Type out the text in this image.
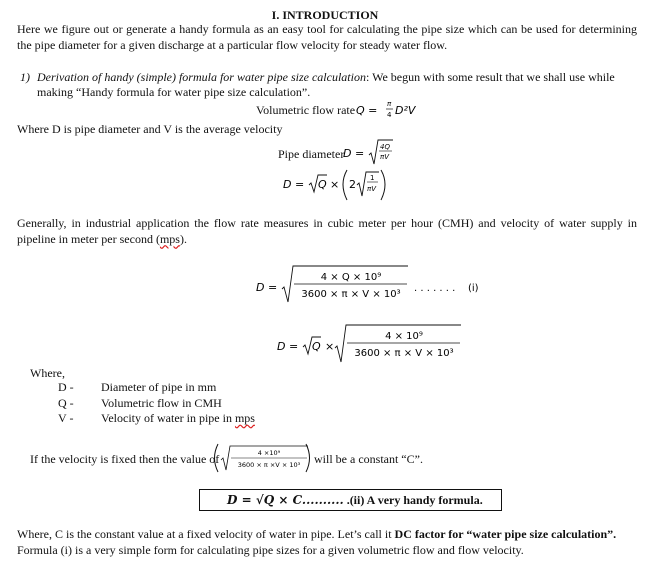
I. INTRODUCTION
Here we figure out or generate a handy formula as an easy tool for calculating the pipe size which can be used for determining the pipe diameter for a given discharge at a particular flow velocity for steady water flow.
1) Derivation of handy (simple) formula for water pipe size calculation: We begun with some result that we shall use while
making “Handy formula for water pipe size calculation”.
Volumetric flow rate Q = π
4 D²V
Where D is pipe diameter and V is the average velocity
Pipe diameter
D = 4Q
πV
D = Q × 2 1
πV
Generally, in industrial application the flow rate measures in cubic meter per hour (CMH) and velocity of water supply in pipeline in meter per second (mps).
D =
4 × Q × 10⁹
3600 × π × V × 10³
. . . . . . . (i)
D = Q ×
4 × 10⁹
3600 × π × V × 10³
Where,
D - Diameter of pipe in mm
Q - Volumetric flow in CMH
V - Velocity of water in pipe in mps
If the velocity is fixed then the value of	4 ×10⁹
3600 × π ×V × 10³ will be a constant “C”.
D = √Q × C.......... .(ii) A very handy formula.
Where, C is the constant value at a fixed velocity of water in pipe. Let’s call it DC factor for “water pipe size calculation”.
Formula (i) is a very simple form for calculating pipe sizes for a given volumetric flow and flow velocity.
